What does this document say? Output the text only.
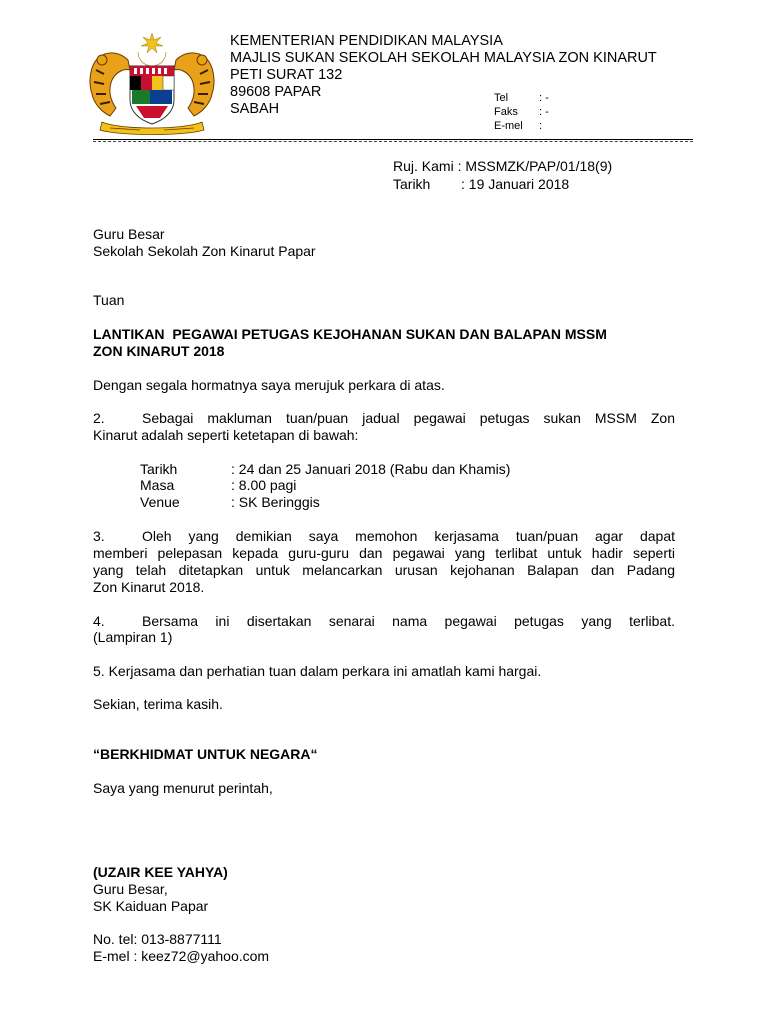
KEMENTERIAN PENDIDIKAN MALAYSIA
MAJLIS SUKAN SEKOLAH SEKOLAH MALAYSIA ZON KINARUT
PETI SURAT 132
89608 PAPAR
SABAH
Tel	: -
Faks : -
E-mel :
Ruj. Kami : MSSMZK/PAP/01/18(9)
Tarikh : 19 Januari 2018
Guru Besar
Sekolah Sekolah Zon Kinarut Papar
Tuan
LANTIKAN  PEGAWAI PETUGAS KEJOHANAN SUKAN DAN BALAPAN MSSM
ZON KINARUT 2018
Dengan segala hormatnya saya merujuk perkara di atas.
2.	Sebagai makluman tuan/puan jadual pegawai petugas sukan MSSM Zon
Kinarut adalah seperti ketetapan di bawah:
Tarikh	: 24 dan 25 Januari 2018 (Rabu dan Khamis)
Masa	: 8.00 pagi
Venue	: SK Beringgis
3.	Oleh yang demikian saya memohon kerjasama tuan/puan agar dapat
memberi pelepasan kepada guru-guru dan pegawai yang terlibat untuk hadir seperti
yang telah ditetapkan untuk melancarkan urusan kejohanan Balapan dan Padang
Zon Kinarut 2018.
4.	Bersama ini disertakan senarai nama pegawai petugas yang terlibat.
(Lampiran 1)
5. Kerjasama dan perhatian tuan dalam perkara ini amatlah kami hargai.
Sekian, terima kasih.
“BERKHIDMAT UNTUK NEGARA“
Saya yang menurut perintah,
(UZAIR KEE YAHYA)
Guru Besar,
SK Kaiduan Papar
No. tel: 013-8877111
E-mel : keez72@yahoo.com
